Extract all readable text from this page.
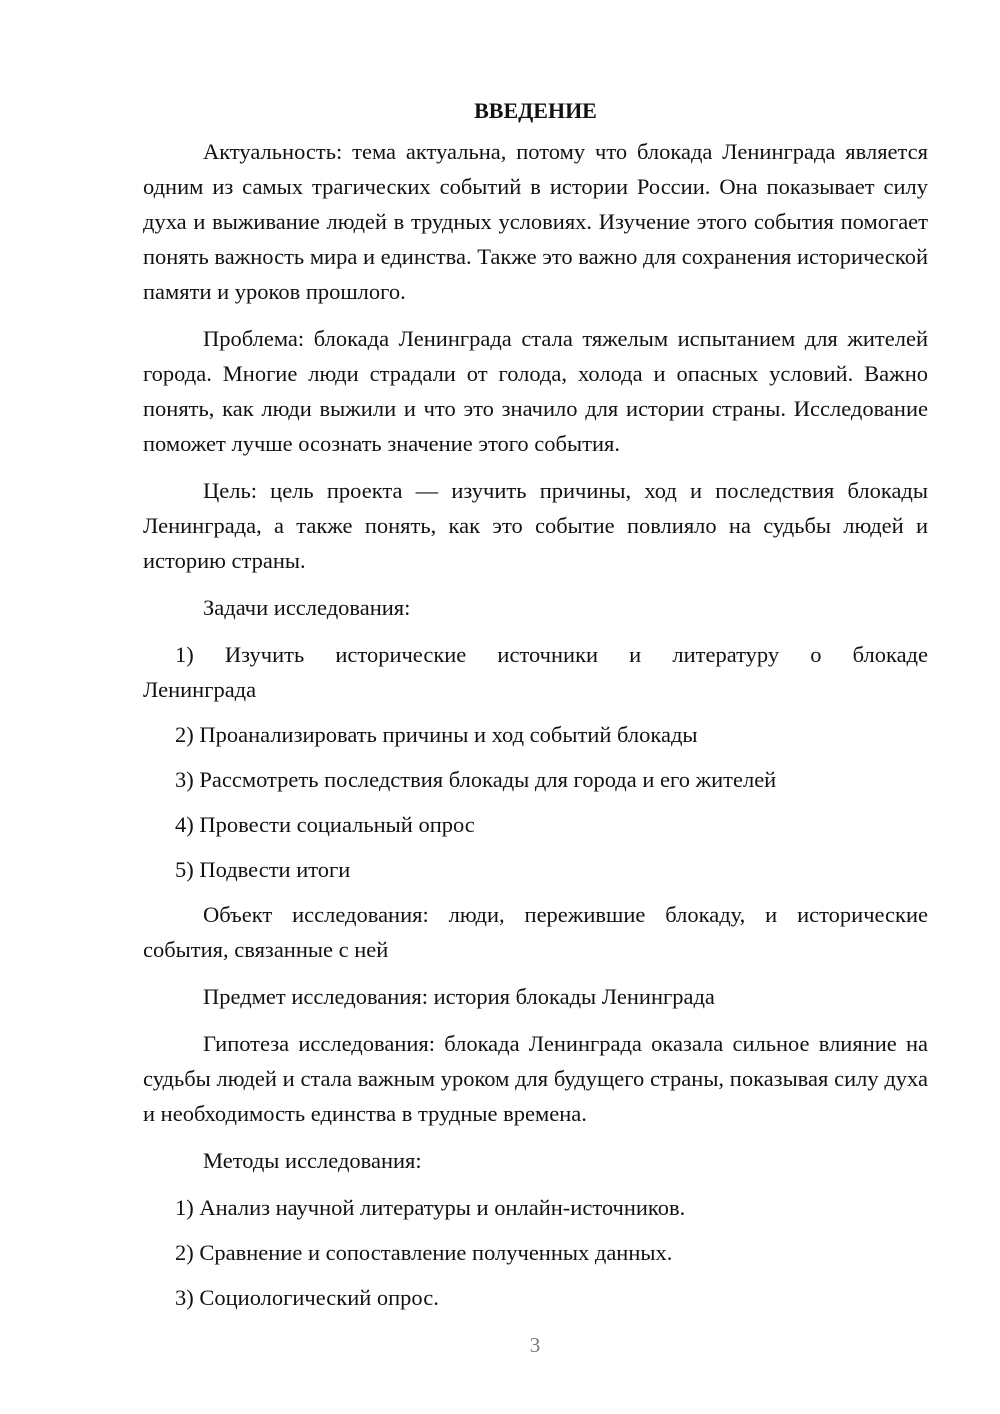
ВВЕДЕНИЕ

Актуальность: тема актуальна, потому что блокада Ленинграда является одним из самых трагических событий в истории России. Она показывает силу духа и выживание людей в трудных условиях. Изучение этого события помогает понять важность мира и единства. Также это важно для сохранения исторической памяти и уроков прошлого.

Проблема: блокада Ленинграда стала тяжелым испытанием для жителей города. Многие люди страдали от голода, холода и опасных условий. Важно понять, как люди выжили и что это значило для истории страны. Исследование поможет лучше осознать значение этого события.

Цель: цель проекта — изучить причины, ход и последствия блокады Ленинграда, а также понять, как это событие повлияло на судьбы людей и историю страны.

Задачи исследования:

1) Изучить исторические источники и литературу о блокаде Ленинграда

2) Проанализировать причины и ход событий блокады

3) Рассмотреть последствия блокады для города и его жителей

4) Провести социальный опрос

5) Подвести итоги

Объект исследования: люди, пережившие блокаду, и исторические события, связанные с ней

Предмет исследования: история блокады Ленинграда

Гипотеза исследования: блокада Ленинграда оказала сильное влияние на судьбы людей и стала важным уроком для будущего страны, показывая силу духа и необходимость единства в трудные времена.

Методы исследования:

1) Анализ научной литературы и онлайн-источников.

2) Сравнение и сопоставление полученных данных.

3) Социологический опрос.

3
